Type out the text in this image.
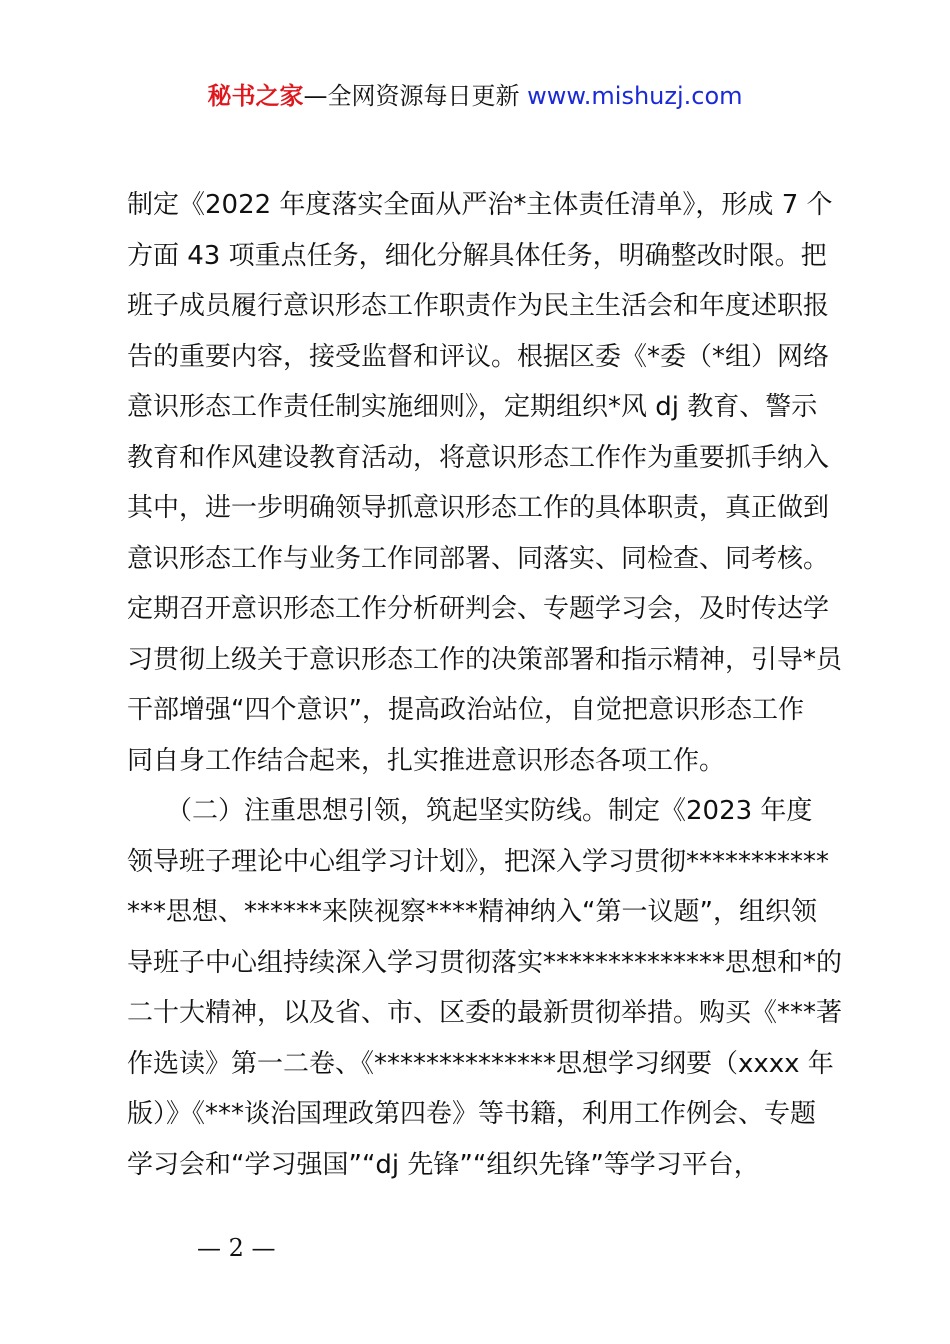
秘书之家—全网资源每日更新 www.mishuzj.com
制定《2022 年度落实全面从严治*主体责任清单》，形成 7 个
方面 43 项重点任务，细化分解具体任务，明确整改时限。把
班子成员履行意识形态工作职责作为民主生活会和年度述职报
告的重要内容，接受监督和评议。根据区委《*委（*组）网络
意识形态工作责任制实施细则》，定期组织*风 dj 教育、警示
教育和作风建设教育活动，将意识形态工作作为重要抓手纳入
其中，进一步明确领导抓意识形态工作的具体职责，真正做到
意识形态工作与业务工作同部署、同落实、同检查、同考核。
定期召开意识形态工作分析研判会、专题学习会，及时传达学
习贯彻上级关于意识形态工作的决策部署和指示精神，引导*员
干部增强“四个意识”，提高政治站位，自觉把意识形态工作
同自身工作结合起来，扎实推进意识形态各项工作。
　　（二）注重思想引领，筑起坚实防线。制定《2023 年度
领导班子理论中心组学习计划》，把深入学习贯彻***********
***思想、******来陕视察****精神纳入“第一议题”，组织领
导班子中心组持续深入学习贯彻落实**************思想和*的
二十大精神，以及省、市、区委的最新贯彻举措。购买《***著
作选读》第一二卷、《**************思想学习纲要（xxxx 年
版）》《***谈治国理政第四卷》等书籍，利用工作例会、专题
学习会和“学习强国”“dj 先锋”“组织先锋”等学习平台，
— 2 —
